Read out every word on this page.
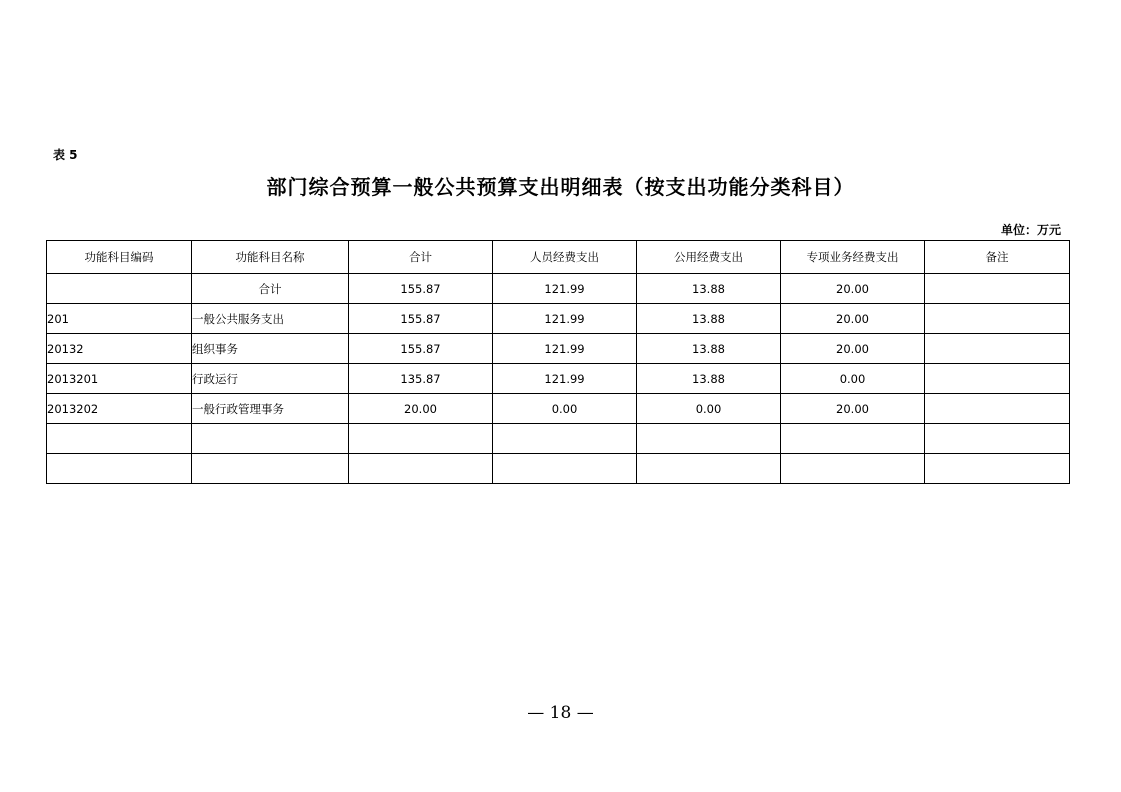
表 5
部门综合预算一般公共预算支出明细表（按支出功能分类科目）
单位：万元
功能科目编码	功能科目名称	合计	人员经费支出	公用经费支出	专项业务经费支出	备注
	合计	155.87	121.99	13.88	20.00	
201	一般公共服务支出	155.87	121.99	13.88	20.00	
20132	组织事务	155.87	121.99	13.88	20.00	
2013201	行政运行	135.87	121.99	13.88	0.00	
2013202	一般行政管理事务	20.00	0.00	0.00	20.00	

— 18 —
